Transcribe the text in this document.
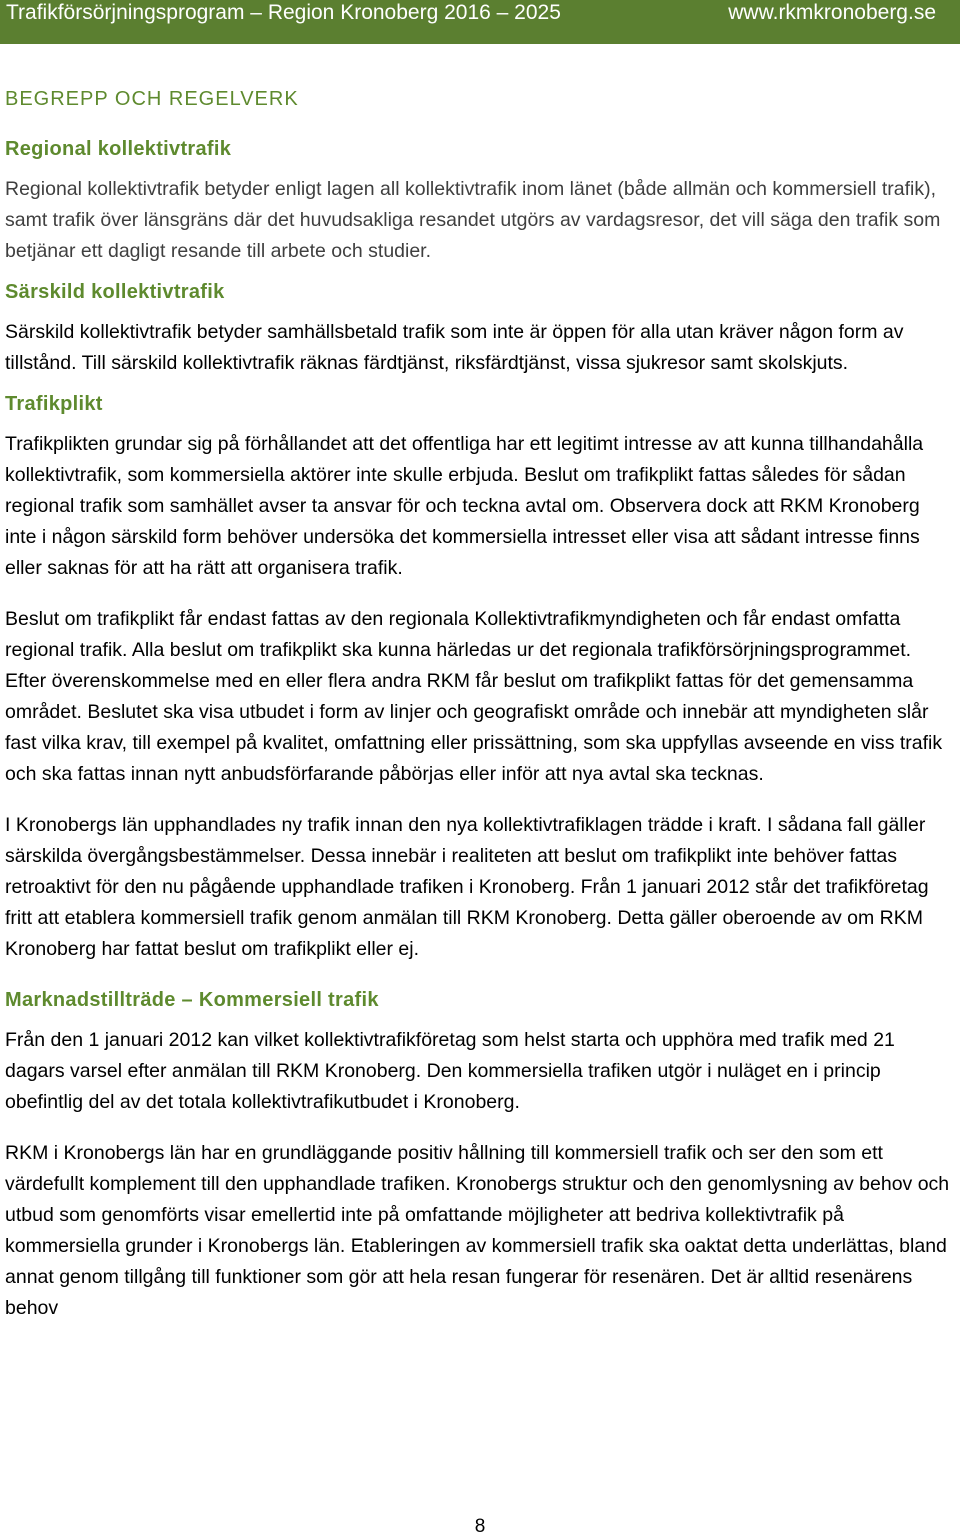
Trafikförsörjningsprogram – Region Kronoberg 2016 – 2025	www.rkmkronoberg.se
BEGREPP OCH REGELVERK
Regional kollektivtrafik

Regional kollektivtrafik betyder enligt lagen all kollektivtrafik inom länet (både allmän och kommersiell trafik), samt trafik över länsgräns där det huvudsakliga resandet utgörs av vardagsresor, det vill säga den trafik som betjänar ett dagligt resande till arbete och studier.

Särskild kollektivtrafik

Särskild kollektivtrafik betyder samhällsbetald trafik som inte är öppen för alla utan kräver någon form av tillstånd. Till särskild kollektivtrafik räknas färdtjänst, riksfärdtjänst, vissa sjukresor samt skolskjuts.

Trafikplikt

Trafikplikten grundar sig på förhållandet att det offentliga har ett legitimt intresse av att kunna tillhandahålla kollektivtrafik, som kommersiella aktörer inte skulle erbjuda. Beslut om trafikplikt fattas således för sådan regional trafik som samhället avser ta ansvar för och teckna avtal om. Observera dock att RKM Kronoberg inte i någon särskild form behöver undersöka det kommersiella intresset eller visa att sådant intresse finns eller saknas för att ha rätt att organisera trafik.

Beslut om trafikplikt får endast fattas av den regionala Kollektivtrafikmyndigheten och får endast omfatta regional trafik. Alla beslut om trafikplikt ska kunna härledas ur det regionala trafikförsörjningsprogrammet. Efter överenskommelse med en eller flera andra RKM får beslut om trafikplikt fattas för det gemensamma området. Beslutet ska visa utbudet i form av linjer och geografiskt område och innebär att myndigheten slår fast vilka krav, till exempel på kvalitet, omfattning eller prissättning, som ska uppfyllas avseende en viss trafik och ska fattas innan nytt anbudsförfarande påbörjas eller inför att nya avtal ska tecknas.

I Kronobergs län upphandlades ny trafik innan den nya kollektivtrafiklagen trädde i kraft. I sådana fall gäller särskilda övergångsbestämmelser. Dessa innebär i realiteten att beslut om trafikplikt inte behöver fattas retroaktivt för den nu pågående upphandlade trafiken i Kronoberg. Från 1 januari 2012 står det trafikföretag fritt att etablera kommersiell trafik genom anmälan till RKM Kronoberg. Detta gäller oberoende av om RKM Kronoberg har fattat beslut om trafikplikt eller ej.

Marknadstillträde – Kommersiell trafik

Från den 1 januari 2012 kan vilket kollektivtrafikföretag som helst starta och upphöra med trafik med 21 dagars varsel efter anmälan till RKM Kronoberg. Den kommersiella trafiken utgör i nuläget en i princip obefintlig del av det totala kollektivtrafikutbudet i Kronoberg.

RKM i Kronobergs län har en grundläggande positiv hållning till kommersiell trafik och ser den som ett värdefullt komplement till den upphandlade trafiken. Kronobergs struktur och den genomlysning av behov och utbud som genomförts visar emellertid inte på omfattande möjligheter att bedriva kollektivtrafik på kommersiella grunder i Kronobergs län. Etableringen av kommersiell trafik ska oaktat detta underlättas, bland annat genom tillgång till funktioner som gör att hela resan fungerar för resenären. Det är alltid resenärens behov

8
